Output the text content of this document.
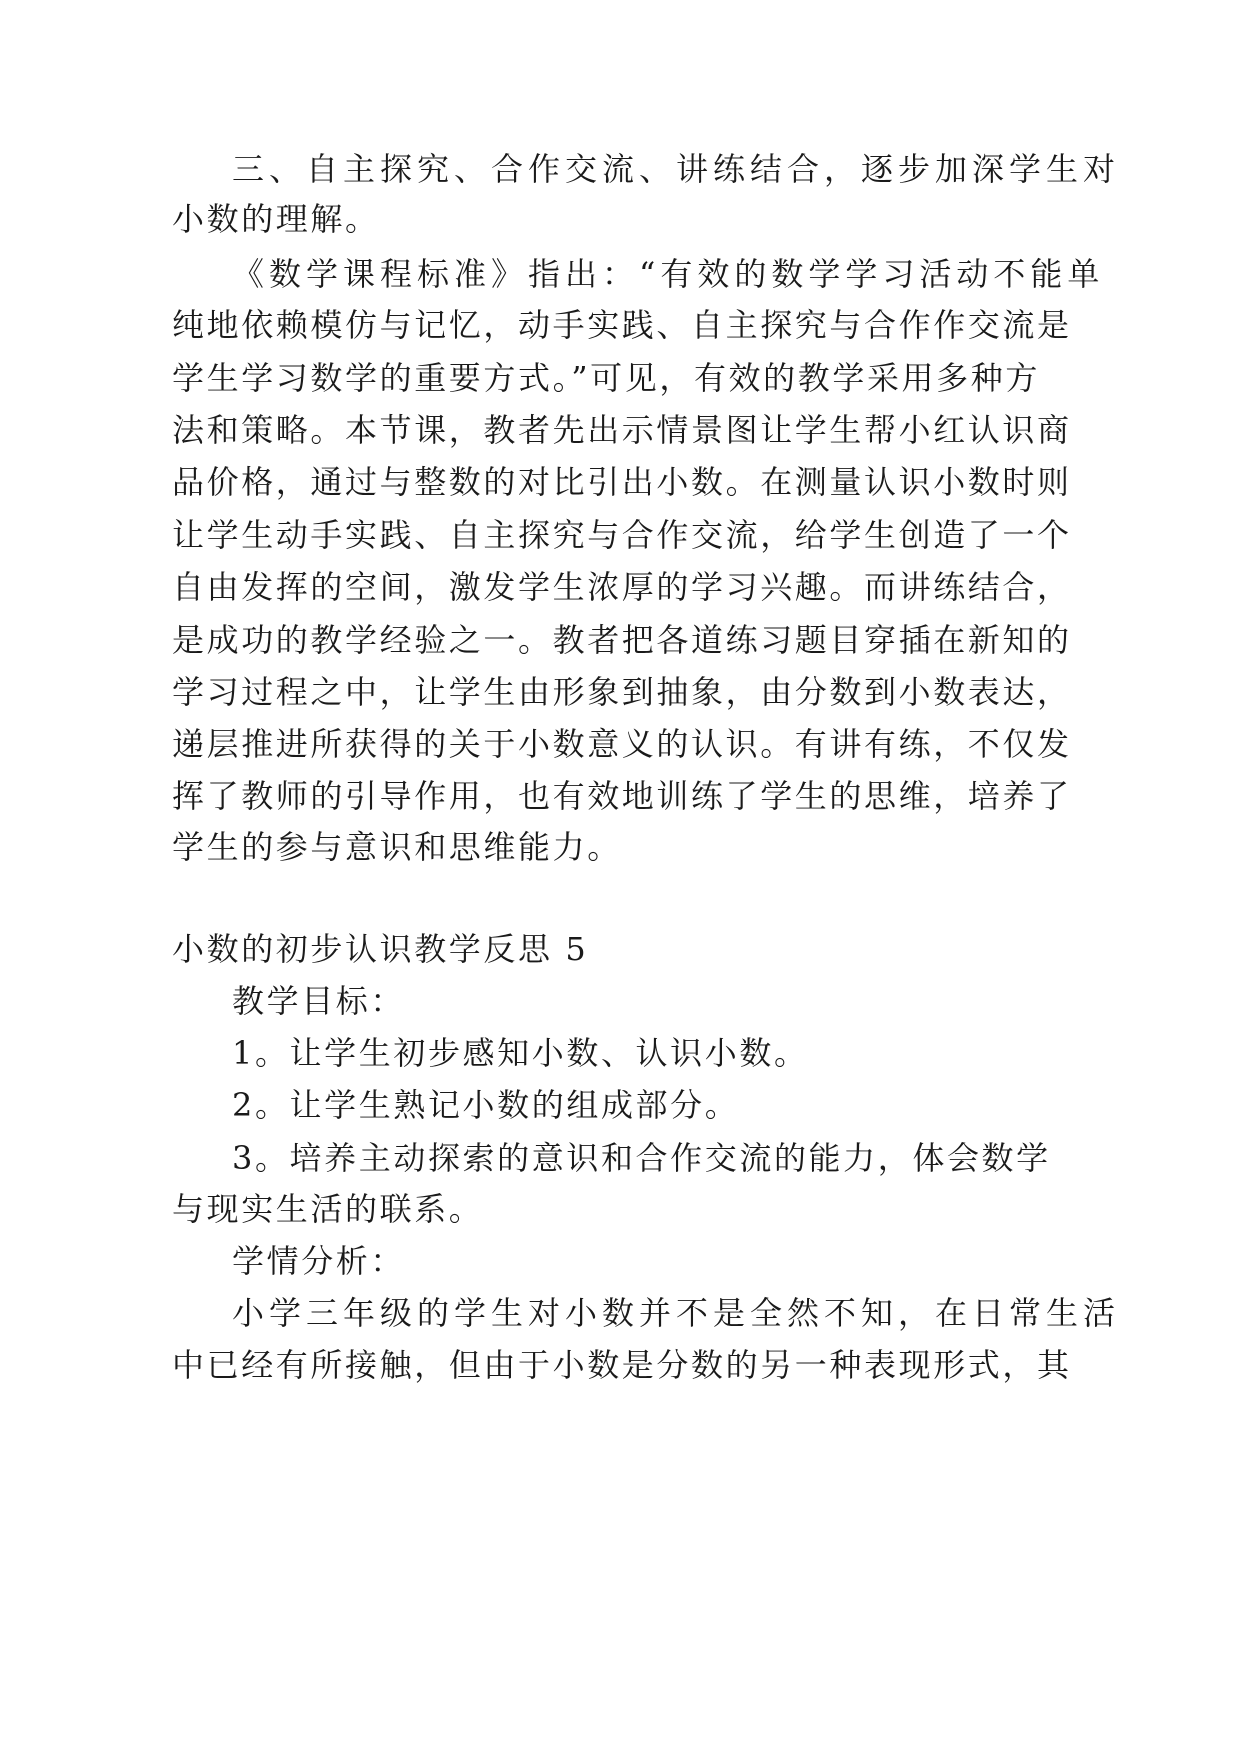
三、自主探究、合作交流、讲练结合，逐步加深学生对
小数的理解。
《数学课程标准》指出：“有效的数学学习活动不能单
纯地依赖模仿与记忆，动手实践、自主探究与合作作交流是
学生学习数学的重要方式。”可见，有效的教学采用多种方
法和策略。本节课，教者先出示情景图让学生帮小红认识商
品价格，通过与整数的对比引出小数。在测量认识小数时则
让学生动手实践、自主探究与合作交流，给学生创造了一个
自由发挥的空间，激发学生浓厚的学习兴趣。而讲练结合，
是成功的教学经验之一。教者把各道练习题目穿插在新知的
学习过程之中，让学生由形象到抽象，由分数到小数表达，
递层推进所获得的关于小数意义的认识。有讲有练，不仅发
挥了教师的引导作用，也有效地训练了学生的思维，培养了
学生的参与意识和思维能力。
小数的初步认识教学反思 5
教学目标：
1。让学生初步感知小数、认识小数。
2。让学生熟记小数的组成部分。
3。培养主动探索的意识和合作交流的能力，体会数学
与现实生活的联系。
学情分析：
小学三年级的学生对小数并不是全然不知，在日常生活
中已经有所接触，但由于小数是分数的另一种表现形式，其
